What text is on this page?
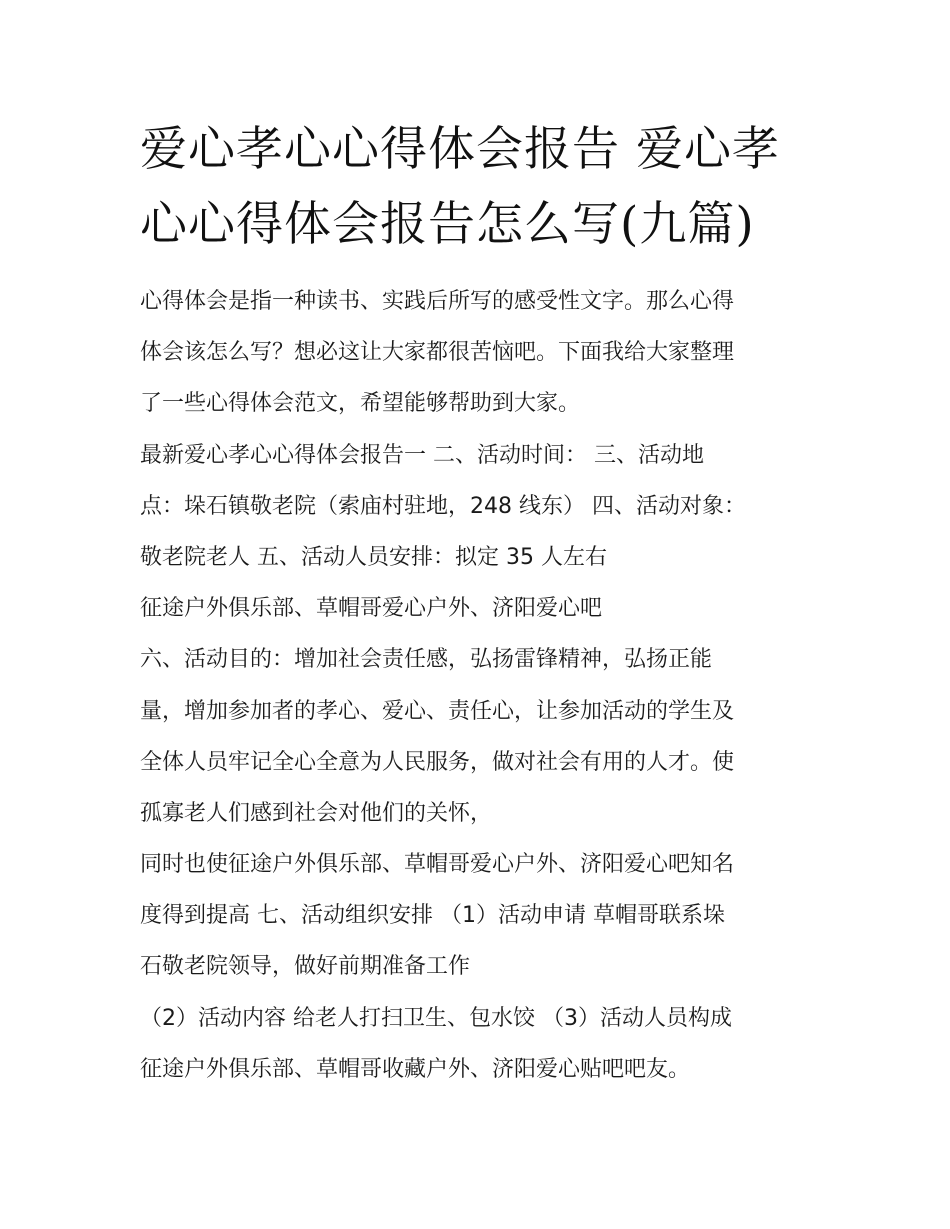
爱心孝心心得体会报告 爱心孝
心心得体会报告怎么写(九篇)
心得体会是指一种读书、实践后所写的感受性文字。那么心得
体会该怎么写？想必这让大家都很苦恼吧。下面我给大家整理
了一些心得体会范文，希望能够帮助到大家。
最新爱心孝心心得体会报告一 二、活动时间： 三、活动地
点：垛石镇敬老院（索庙村驻地，248 线东） 四、活动对象：
敬老院老人 五、活动人员安排：拟定 35 人左右
征途户外俱乐部、草帽哥爱心户外、济阳爱心吧
六、活动目的：增加社会责任感，弘扬雷锋精神，弘扬正能
量，增加参加者的孝心、爱心、责任心，让参加活动的学生及
全体人员牢记全心全意为人民服务，做对社会有用的人才。使
孤寡老人们感到社会对他们的关怀，
同时也使征途户外俱乐部、草帽哥爱心户外、济阳爱心吧知名
度得到提高 七、活动组织安排 （1）活动申请 草帽哥联系垛
石敬老院领导，做好前期准备工作
（2）活动内容 给老人打扫卫生、包水饺 （3）活动人员构成
征途户外俱乐部、草帽哥收藏户外、济阳爱心贴吧吧友。
